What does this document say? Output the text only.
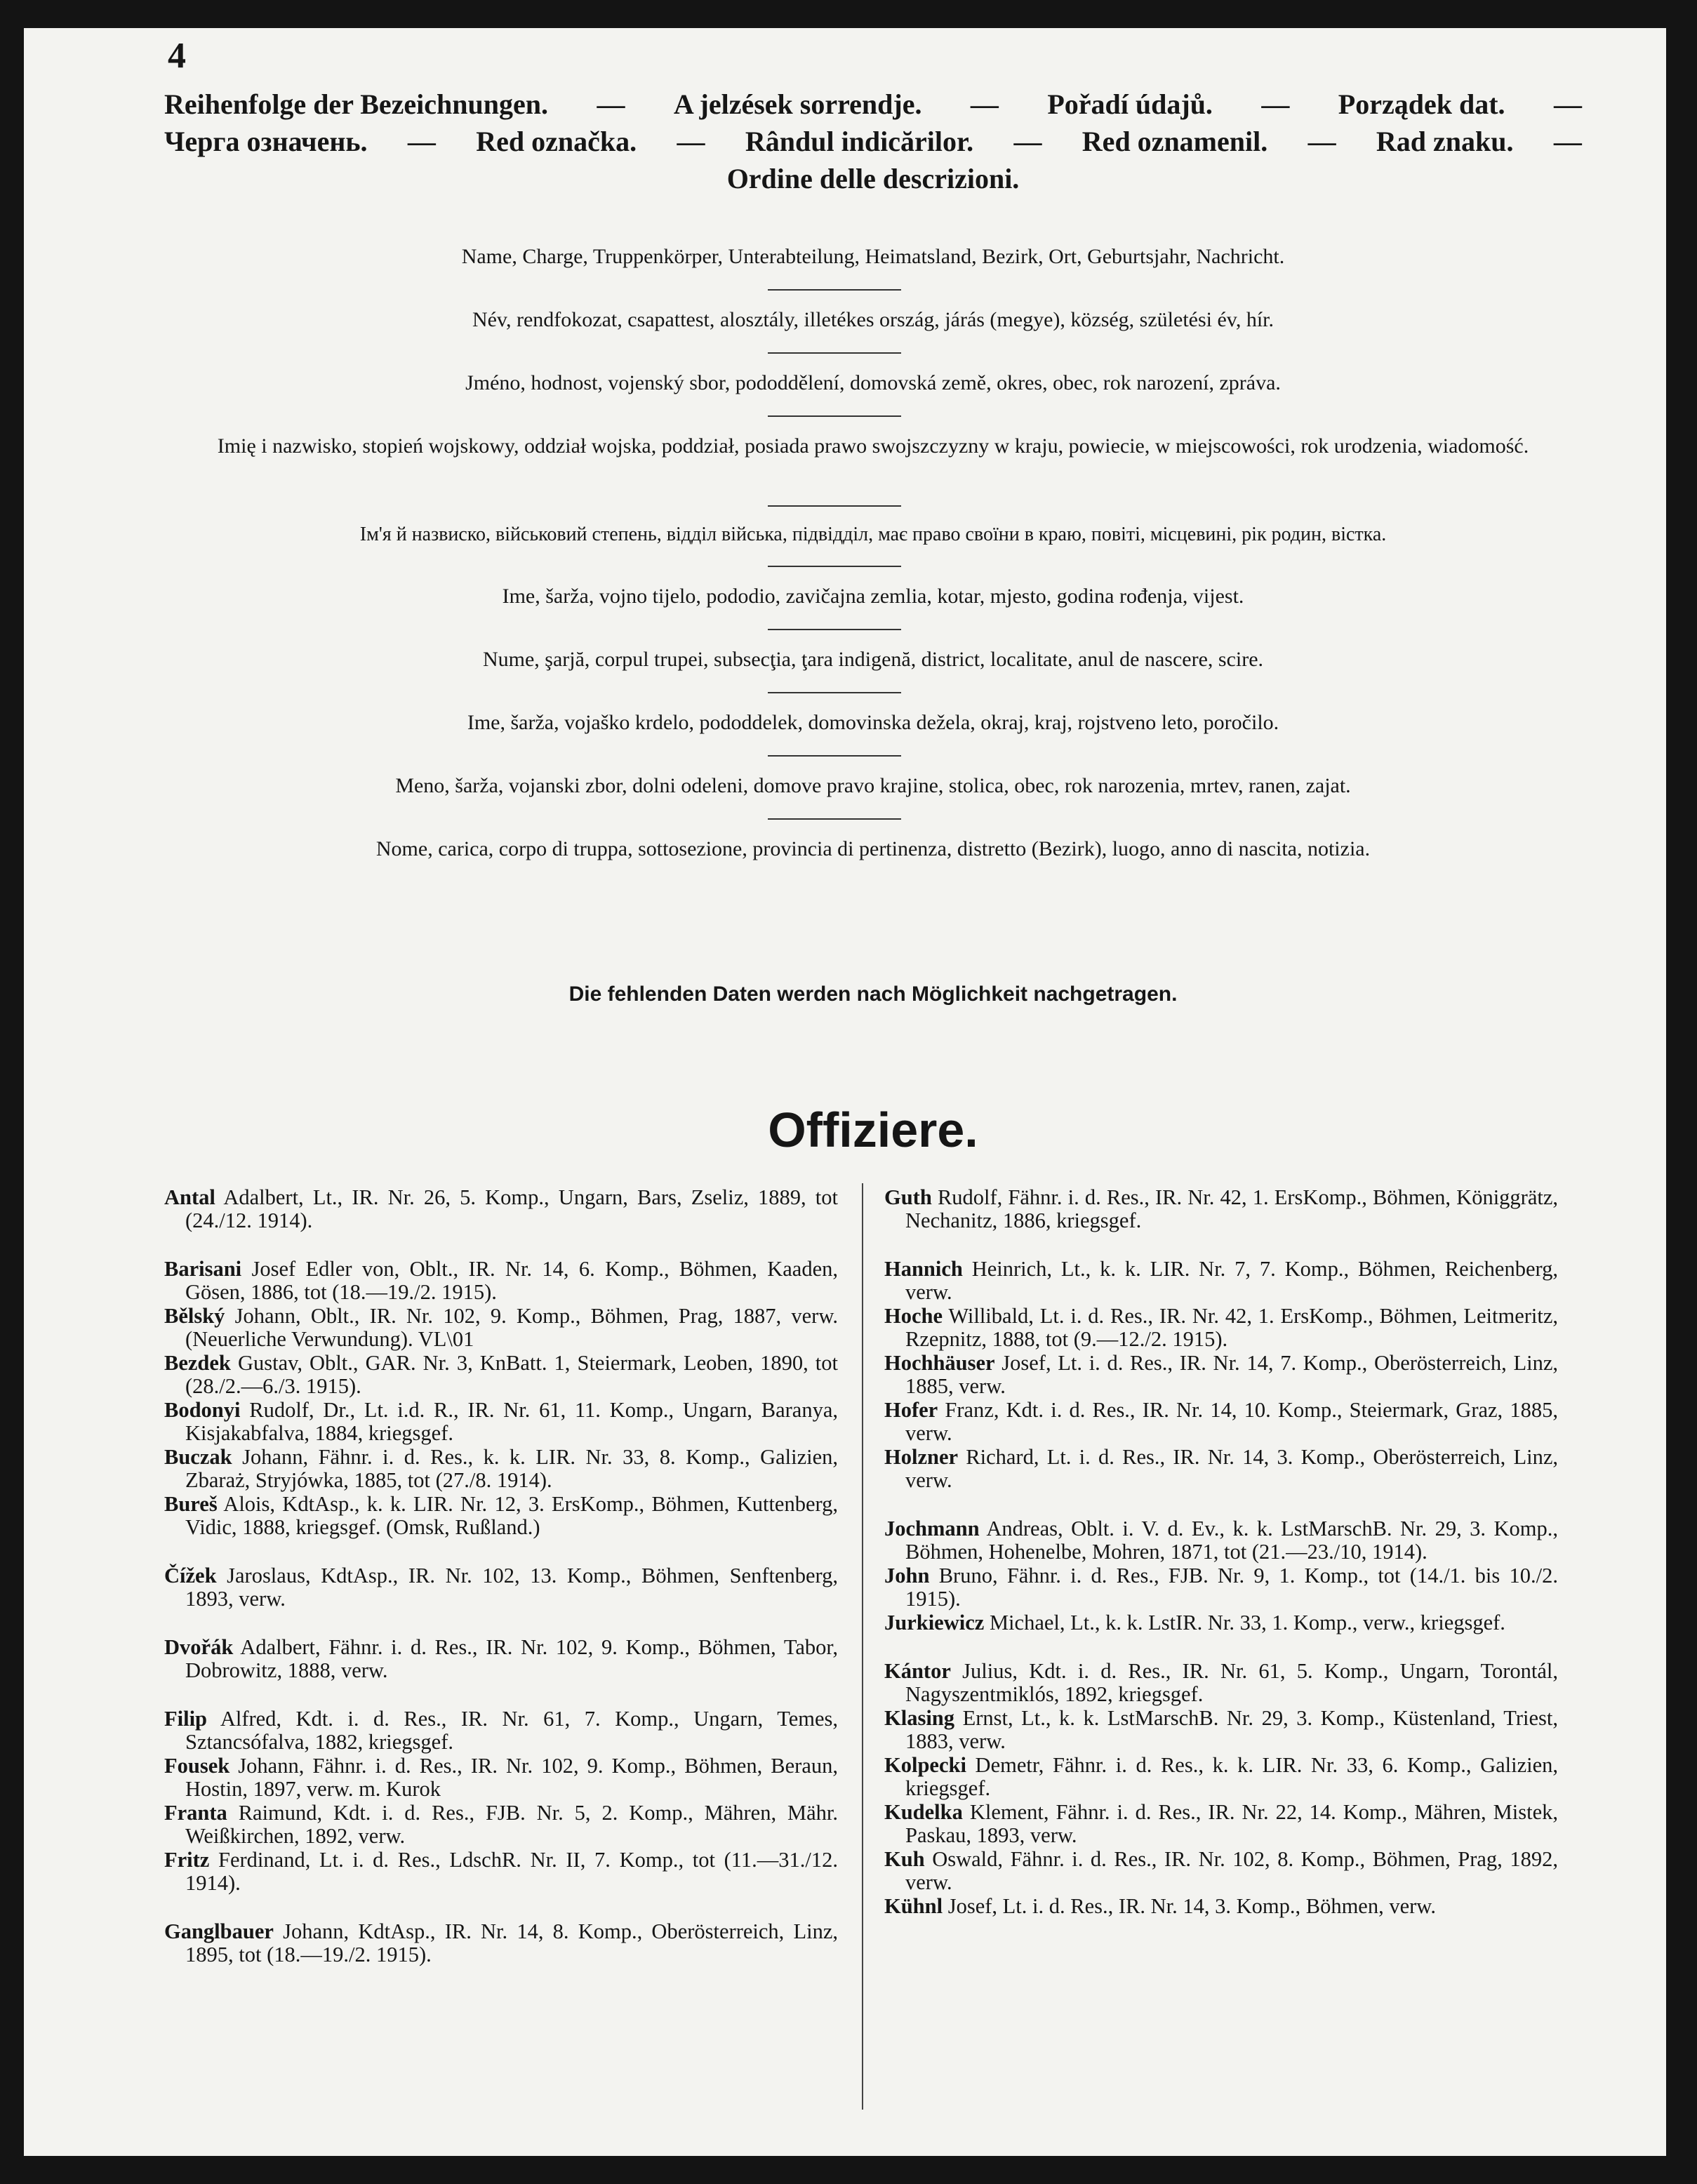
4
Reihenfolge der Bezeichnungen. — A jelzések sorrendje. — Pořadí údajů. — Porządek dat. —
Черга означень. — Red označka. — Rândul indicărilor. — Red oznamenil. — Rad znaku. —
Ordine delle descrizioni.
Name, Charge, Truppenkörper, Unterabteilung, Heimatsland, Bezirk, Ort, Geburtsjahr, Nachricht.
Név, rendfokozat, csapattest, alosztály, illetékes ország, járás (megye), község, születési év, hír.
Jméno, hodnost, vojenský sbor, pododdělení, domovská země, okres, obec, rok narození, zpráva.
Imię i nazwisko, stopień wojskowy, oddział wojska, poddział, posiada prawo swojszczyzny w kraju, powiecie, w miejscowości, rok urodzenia, wiadomość.
Ім'я й назвиско, військовий степень, відділ війська, підвідділ, має право своїни в краю, повіті, місцевині, рік родин, вістка.
Ime, šarža, vojno tijelo, pododio, zavičajna zemlia, kotar, mjesto, godina rođenja, vijest.
Nume, şarjă, corpul trupei, subsecţia, ţara indigenă, district, localitate, anul de nascere, scire.
Ime, šarža, vojaško krdelo, pododdelek, domovinska dežela, okraj, kraj, rojstveno leto, poročilo.
Meno, šarža, vojanski zbor, dolni odeleni, domove pravo krajine, stolica, obec, rok narozenia, mrtev, ranen, zajat.
Nome, carica, corpo di truppa, sottosezione, provincia di pertinenza, distretto (Bezirk), luogo, anno di nascita, notizia.
Die fehlenden Daten werden nach Möglichkeit nachgetragen.
Offiziere.
Antal Adalbert, Lt., IR. Nr. 26, 5. Komp., Ungarn, Bars, Zseliz, 1889, tot (24./12. 1914).
Barisani Josef Edler von, Oblt., IR. Nr. 14, 6. Komp., Böhmen, Kaaden, Gösen, 1886, tot (18.—19./2. 1915).
Bělský Johann, Oblt., IR. Nr. 102, 9. Komp., Böhmen, Prag, 1887, verw. (Neuerliche Verwundung). VL\01
Bezdek Gustav, Oblt., GAR. Nr. 3, KnBatt. 1, Steiermark, Leoben, 1890, tot (28./2.—6./3. 1915).
Bodonyi Rudolf, Dr., Lt. i.d. R., IR. Nr. 61, 11. Komp., Ungarn, Baranya, Kisjakabfalva, 1884, kriegsgef.
Buczak Johann, Fähnr. i. d. Res., k. k. LIR. Nr. 33, 8. Komp., Galizien, Zbaraż, Stryjówka, 1885, tot (27./8. 1914).
Bureš Alois, KdtAsp., k. k. LIR. Nr. 12, 3. ErsKomp., Böhmen, Kuttenberg, Vidic, 1888, kriegsgef. (Omsk, Rußland.)
Čížek Jaroslaus, KdtAsp., IR. Nr. 102, 13. Komp., Böhmen, Senftenberg, 1893, verw.
Dvořák Adalbert, Fähnr. i. d. Res., IR. Nr. 102, 9. Komp., Böhmen, Tabor, Dobrowitz, 1888, verw.
Filip Alfred, Kdt. i. d. Res., IR. Nr. 61, 7. Komp., Ungarn, Temes, Sztancsófalva, 1882, kriegsgef.
Fousek Johann, Fähnr. i. d. Res., IR. Nr. 102, 9. Komp., Böhmen, Beraun, Hostin, 1897, verw. m. Kurok
Franta Raimund, Kdt. i. d. Res., FJB. Nr. 5, 2. Komp., Mähren, Mähr. Weißkirchen, 1892, verw.
Fritz Ferdinand, Lt. i. d. Res., LdschR. Nr. II, 7. Komp., tot (11.—31./12. 1914).
Ganglbauer Johann, KdtAsp., IR. Nr. 14, 8. Komp., Oberösterreich, Linz, 1895, tot (18.—19./2. 1915).
Guth Rudolf, Fähnr. i. d. Res., IR. Nr. 42, 1. ErsKomp., Böhmen, Königgrätz, Nechanitz, 1886, kriegsgef.
Hannich Heinrich, Lt., k. k. LIR. Nr. 7, 7. Komp., Böhmen, Reichenberg, verw.
Hoche Willibald, Lt. i. d. Res., IR. Nr. 42, 1. ErsKomp., Böhmen, Leitmeritz, Rzepnitz, 1888, tot (9.—12./2. 1915).
Hochhäuser Josef, Lt. i. d. Res., IR. Nr. 14, 7. Komp., Oberösterreich, Linz, 1885, verw.
Hofer Franz, Kdt. i. d. Res., IR. Nr. 14, 10. Komp., Steiermark, Graz, 1885, verw.
Holzner Richard, Lt. i. d. Res., IR. Nr. 14, 3. Komp., Oberösterreich, Linz, verw.
Jochmann Andreas, Oblt. i. V. d. Ev., k. k. LstMarschB. Nr. 29, 3. Komp., Böhmen, Hohenelbe, Mohren, 1871, tot (21.—23./10, 1914).
John Bruno, Fähnr. i. d. Res., FJB. Nr. 9, 1. Komp., tot (14./1. bis 10./2. 1915).
Jurkiewicz Michael, Lt., k. k. LstIR. Nr. 33, 1. Komp., verw., kriegsgef.
Kántor Julius, Kdt. i. d. Res., IR. Nr. 61, 5. Komp., Ungarn, Torontál, Nagyszentmiklós, 1892, kriegsgef.
Klasing Ernst, Lt., k. k. LstMarschB. Nr. 29, 3. Komp., Küstenland, Triest, 1883, verw.
Kolpecki Demetr, Fähnr. i. d. Res., k. k. LIR. Nr. 33, 6. Komp., Galizien, kriegsgef.
Kudelka Klement, Fähnr. i. d. Res., IR. Nr. 22, 14. Komp., Mähren, Mistek, Paskau, 1893, verw.
Kuh Oswald, Fähnr. i. d. Res., IR. Nr. 102, 8. Komp., Böhmen, Prag, 1892, verw.
Kühnl Josef, Lt. i. d. Res., IR. Nr. 14, 3. Komp., Böhmen, verw.
